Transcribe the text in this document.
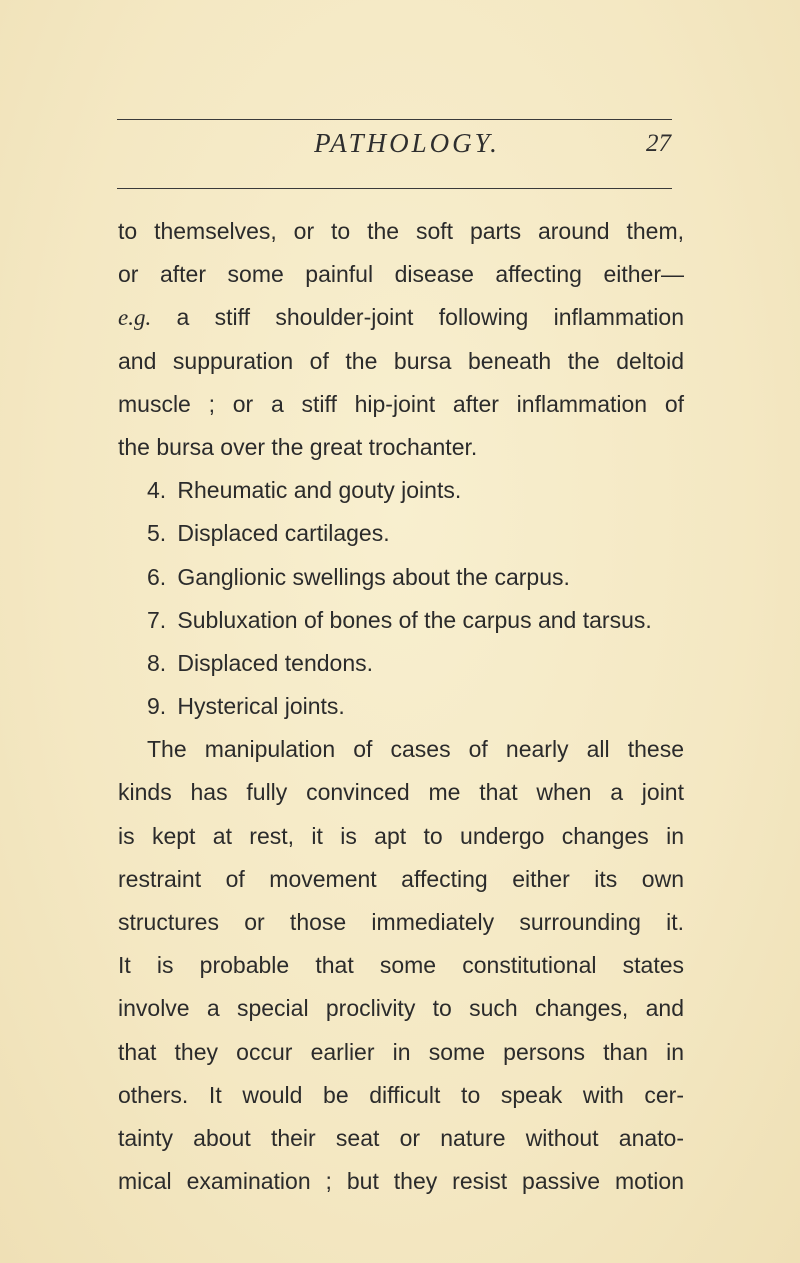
PATHOLOGY.	27
to themselves, or to the soft parts around them,
or after some painful disease affecting either—
e.g. a stiff shoulder-joint following inflammation
and suppuration of the bursa beneath the deltoid
muscle ; or a stiff hip-joint after inflammation of
the bursa over the great trochanter.
4. Rheumatic and gouty joints.
5. Displaced cartilages.
6. Ganglionic swellings about the carpus.
7. Subluxation of bones of the carpus and tarsus.
8. Displaced tendons.
9. Hysterical joints.
The manipulation of cases of nearly all these
kinds has fully convinced me that when a joint
is kept at rest, it is apt to undergo changes in
restraint of movement affecting either its own
structures or those immediately surrounding it.
It is probable that some constitutional states
involve a special proclivity to such changes, and
that they occur earlier in some persons than in
others. It would be difficult to speak with cer-
tainty about their seat or nature without anato-
mical examination ; but they resist passive motion
